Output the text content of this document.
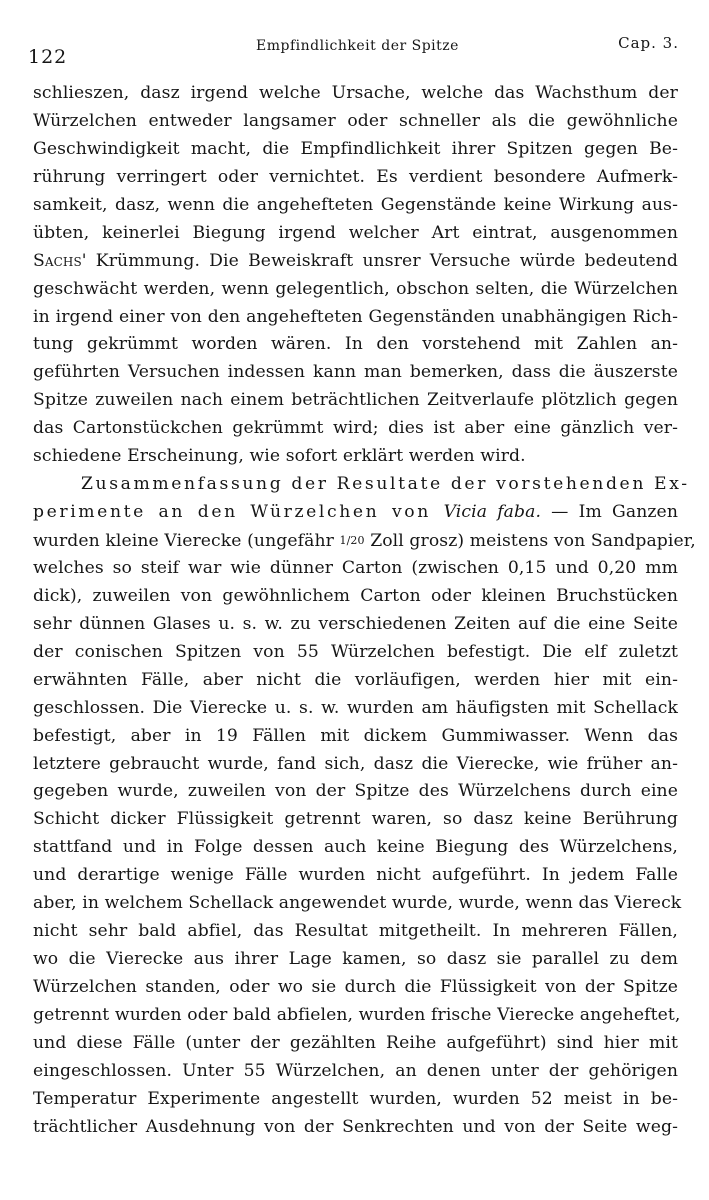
122	Empfindlichkeit der Spitze	Cap. 3.
schlieszen, dasz irgend welche Ursache, welche das Wachsthum der
Würzelchen entweder langsamer oder schneller als die gewöhnliche
Geschwindigkeit macht, die Empfindlichkeit ihrer Spitzen gegen Be-
rührung verringert oder vernichtet. Es verdient besondere Aufmerk-
samkeit, dasz, wenn die angehefteten Gegenstände keine Wirkung aus-
übten, keinerlei Biegung irgend welcher Art eintrat, ausgenommen
Sachs' Krümmung. Die Beweiskraft unsrer Versuche würde bedeutend
geschwächt werden, wenn gelegentlich, obschon selten, die Würzelchen
in irgend einer von den angehefteten Gegenständen unabhängigen Rich-
tung gekrümmt worden wären. In den vorstehend mit Zahlen an-
geführten Versuchen indessen kann man bemerken, dass die äuszerste
Spitze zuweilen nach einem beträchtlichen Zeitverlaufe plötzlich gegen
das Cartonstückchen gekrümmt wird; dies ist aber eine gänzlich ver-
schiedene Erscheinung, wie sofort erklärt werden wird.
Zusammenfassung der Resultate der vorstehenden Ex-
perimente an den Würzelchen von Vicia faba. — Im Ganzen
wurden kleine Vierecke (ungefähr 1/20 Zoll grosz) meistens von Sandpapier,
welches so steif war wie dünner Carton (zwischen 0,15 und 0,20 mm
dick), zuweilen von gewöhnlichem Carton oder kleinen Bruchstücken
sehr dünnen Glases u. s. w. zu verschiedenen Zeiten auf die eine Seite
der conischen Spitzen von 55 Würzelchen befestigt. Die elf zuletzt
erwähnten Fälle, aber nicht die vorläufigen, werden hier mit ein-
geschlossen. Die Vierecke u. s. w. wurden am häufigsten mit Schellack
befestigt, aber in 19 Fällen mit dickem Gummiwasser. Wenn das
letztere gebraucht wurde, fand sich, dasz die Vierecke, wie früher an-
gegeben wurde, zuweilen von der Spitze des Würzelchens durch eine
Schicht dicker Flüssigkeit getrennt waren, so dasz keine Berührung
stattfand und in Folge dessen auch keine Biegung des Würzelchens,
und derartige wenige Fälle wurden nicht aufgeführt. In jedem Falle
aber, in welchem Schellack angewendet wurde, wurde, wenn das Viereck
nicht sehr bald abfiel, das Resultat mitgetheilt. In mehreren Fällen,
wo die Vierecke aus ihrer Lage kamen, so dasz sie parallel zu dem
Würzelchen standen, oder wo sie durch die Flüssigkeit von der Spitze
getrennt wurden oder bald abfielen, wurden frische Vierecke angeheftet,
und diese Fälle (unter der gezählten Reihe aufgeführt) sind hier mit
eingeschlossen. Unter 55 Würzelchen, an denen unter der gehörigen
Temperatur Experimente angestellt wurden, wurden 52 meist in be-
trächtlicher Ausdehnung von der Senkrechten und von der Seite weg-
